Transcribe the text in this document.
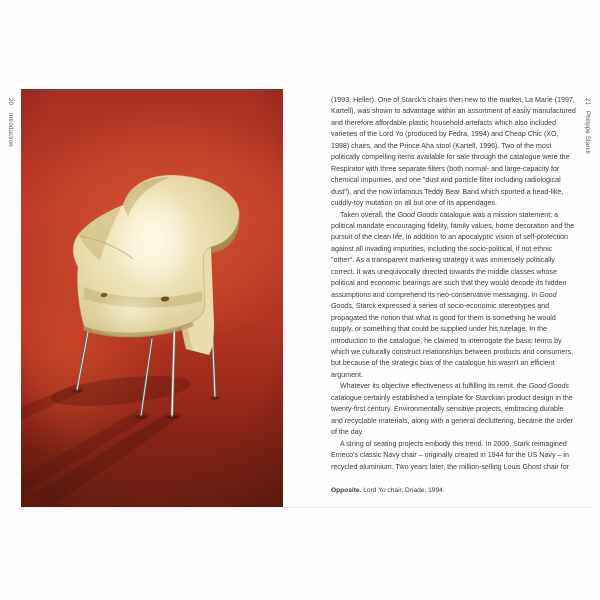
20
Introduction

(1993, Heller). One of Starck's chairs then new to the market, La Marie (1997, Kartell), was shown to advantage within an assortment of easily manufactured and therefore affordable plastic household artefacts which also included varieties of the Lord Yo (produced by Fedra, 1994) and Cheap Chic (XO, 1998) chairs, and the Prince Aha stool (Kartell, 1996). Two of the most politically compelling items available for sale through the catalogue were the Respirator with three separate filters (both normal- and large-capacity for chemical impurities, and one "dust and particle filter including radiological dust"), and the now infamous Teddy Bear Band which sported a head-like, cuddly-toy mutation on all but one of its appendages.

Taken overall, the Good Goods catalogue was a mission statement; a political mandate encouraging fidelity, family values, home decoration and the pursuit of the clean life, in addition to an apocalyptic vision of self-protection against all invading impurities, including the socio-political, if not ethnic "other". As a transparent marketing strategy it was immensely politically correct. It was unequivocally directed towards the middle classes whose political and economic bearings are such that they would decode its hidden assumptions and comprehend its neo-conservative messaging. In Good Goods, Starck expressed a series of socio-economic stereotypes and propagated the notion that what is good for them is something he would supply, or something that could be supplied under his tutelage. In the introduction to the catalogue, he claimed to interrogate the basic terms by which we culturally construct relationships between products and consumers, but because of the strategic bias of the catalogue his wasn't an efficient argument.

Whatever its objective effectiveness at fulfilling its remit, the Good Goods catalogue certainly established a template for Starckian product design in the twenty-first century. Environmentally sensitive projects, embracing durable and recyclable materials, along with a general decluttering, became the order of the day.

A string of seating projects embody this trend. In 2000, Stark reimagined Emeco's classic Navy chair – originally created in 1944 for the US Navy – in recycled aluminium. Two years later, the million-selling Louis Ghost chair for

Opposite. Lord Yo chair, Driade, 1994.
21
Philippe Starck
